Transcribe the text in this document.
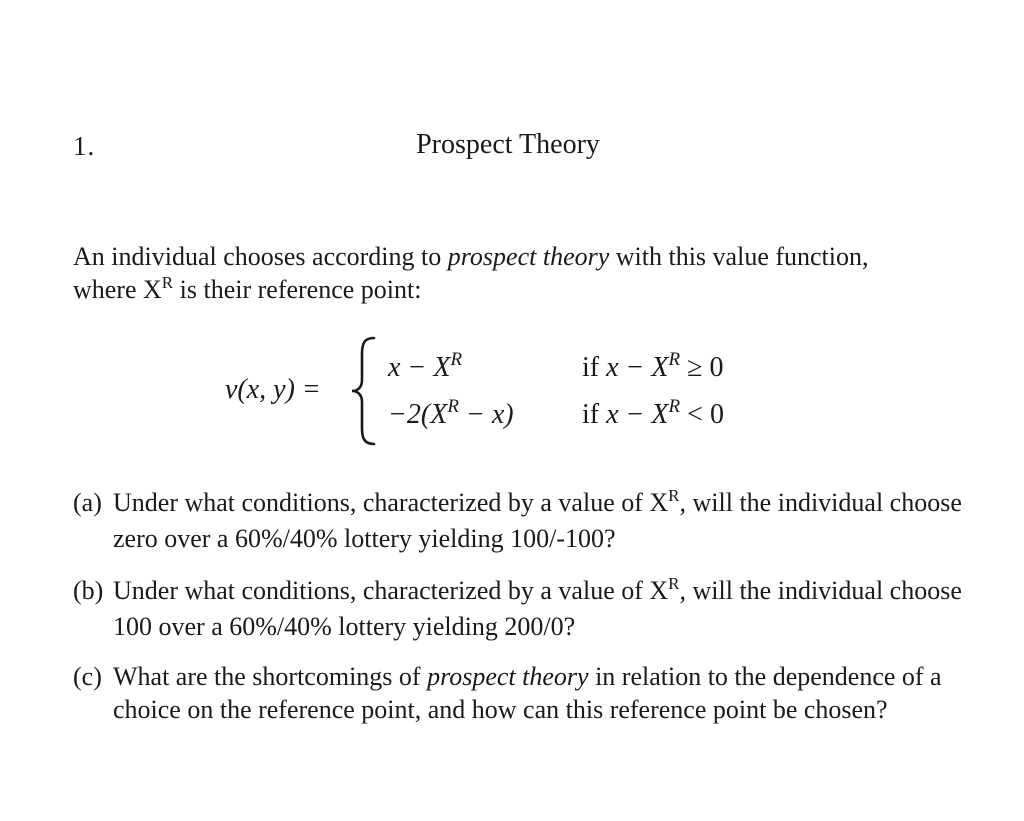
1.	Prospect Theory

An individual chooses according to prospect theory with this value function,

where $X^R$ is their reference point:

v(x, y) =
$x - X^R$	if $x - X^R \ge 0$
$-2(X^R - x)$ if $x - X^R < 0$
(a) Under what conditions, characterized by a value of $X^R$, will the individual choose zero over a 60%/40% lottery yielding 100/-100?
(b) Under what conditions, characterized by a value of $X^R$, will the individual choose 100 over a 60%/40% lottery yielding 200/0?
(c) What are the shortcomings of prospect theory in relation to the dependence of a choice on the reference point, and how can this reference point be chosen?
